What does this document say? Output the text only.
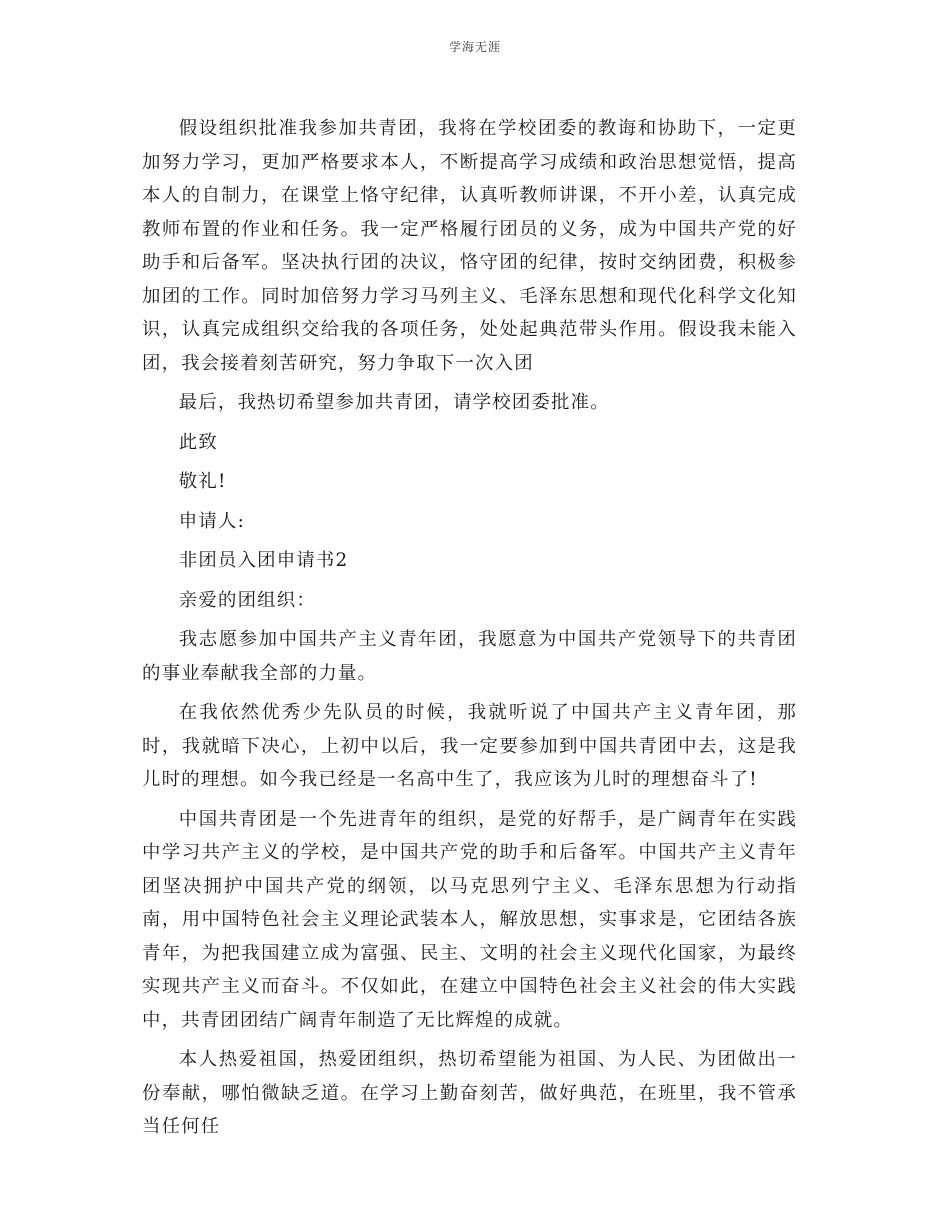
学海无涯

假设组织批准我参加共青团，我将在学校团委的教诲和协助下，一定更加努力学习，更加严格要求本人，不断提高学习成绩和政治思想觉悟，提高本人的自制力，在课堂上恪守纪律，认真听教师讲课，不开小差，认真完成教师布置的作业和任务。我一定严格履行团员的义务，成为中国共产党的好助手和后备军。坚决执行团的决议，恪守团的纪律，按时交纳团费，积极参加团的工作。同时加倍努力学习马列主义、毛泽东思想和现代化科学文化知识，认真完成组织交给我的各项任务，处处起典范带头作用。假设我未能入团，我会接着刻苦研究，努力争取下一次入团

最后，我热切希望参加共青团，请学校团委批准。

此致

敬礼!

申请人:

非团员入团申请书2

亲爱的团组织：

我志愿参加中国共产主义青年团，我愿意为中国共产党领导下的共青团的事业奉献我全部的力量。

在我依然优秀少先队员的时候，我就听说了中国共产主义青年团，那时，我就暗下决心，上初中以后，我一定要参加到中国共青团中去，这是我儿时的理想。如今我已经是一名高中生了，我应该为儿时的理想奋斗了!

中国共青团是一个先进青年的组织，是党的好帮手，是广阔青年在实践中学习共产主义的学校，是中国共产党的助手和后备军。中国共产主义青年团坚决拥护中国共产党的纲领，以马克思列宁主义、毛泽东思想为行动指南，用中国特色社会主义理论武装本人，解放思想，实事求是，它团结各族青年，为把我国建立成为富强、民主、文明的社会主义现代化国家，为最终实现共产主义而奋斗。不仅如此，在建立中国特色社会主义社会的伟大实践中，共青团团结广阔青年制造了无比辉煌的成就。

本人热爱祖国，热爱团组织，热切希望能为祖国、为人民、为团做出一份奉献，哪怕微缺乏道。在学习上勤奋刻苦，做好典范，在班里，我不管承当任何任
